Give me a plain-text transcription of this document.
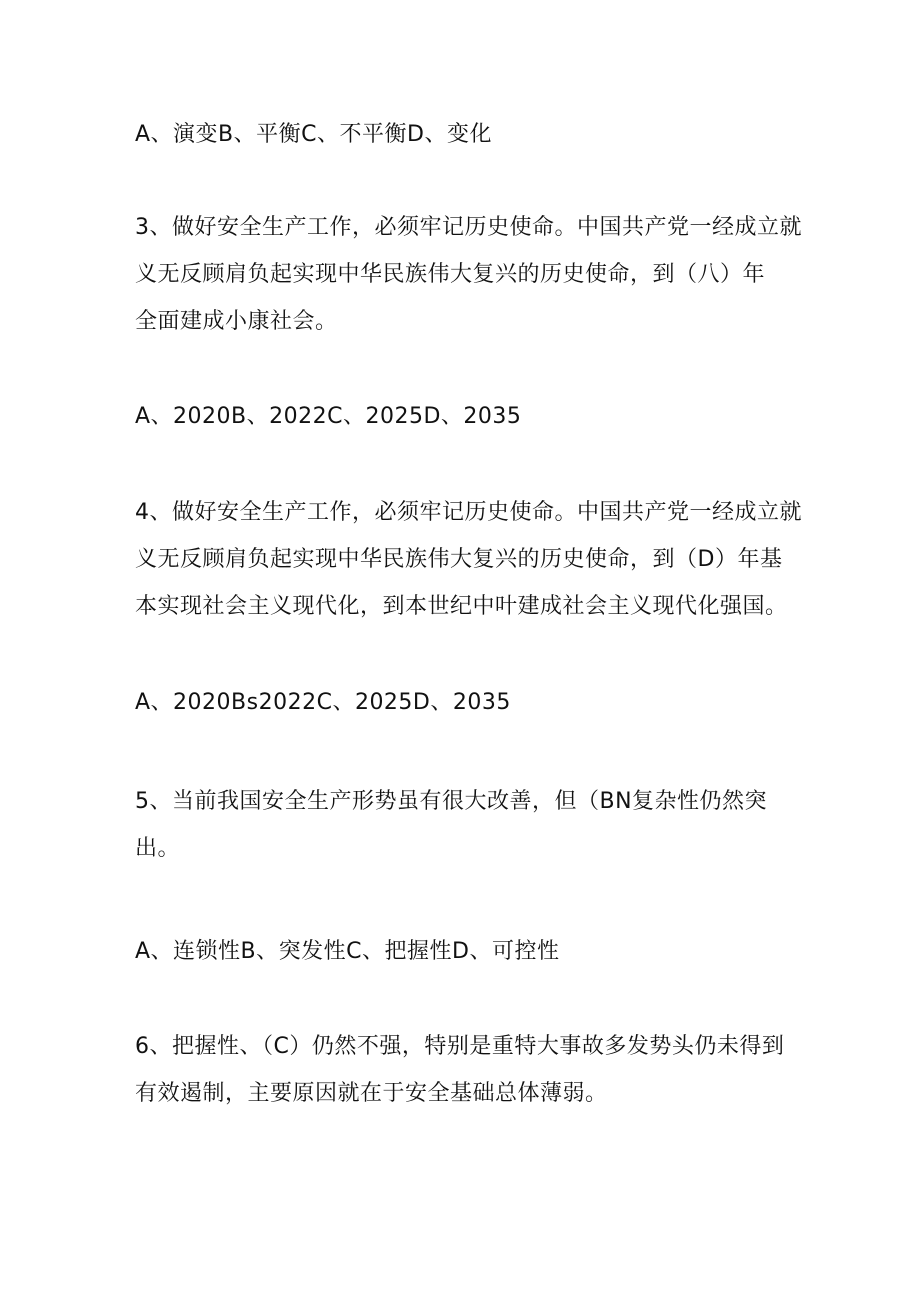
A、演变B、平衡C、不平衡D、变化

3、做好安全生产工作，必须牢记历史使命。中国共产党一经成立就
义无反顾肩负起实现中华民族伟大复兴的历史使命，到（八）年
全面建成小康社会。

A、2020B、2022C、2025D、2035

4、做好安全生产工作，必须牢记历史使命。中国共产党一经成立就
义无反顾肩负起实现中华民族伟大复兴的历史使命，到（D）年基
本实现社会主义现代化，到本世纪中叶建成社会主义现代化强国。

A、2020Bs2022C、2025D、2035

5、当前我国安全生产形势虽有很大改善，但（BN复杂性仍然突
出。

A、连锁性B、突发性C、把握性D、可控性

6、把握性、（C）仍然不强，特别是重特大事故多发势头仍未得到
有效遏制，主要原因就在于安全基础总体薄弱。
